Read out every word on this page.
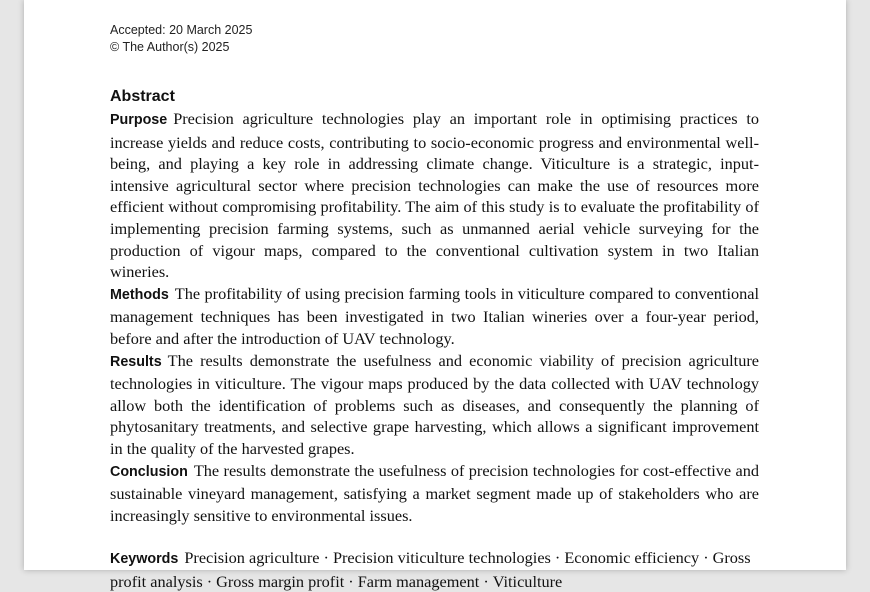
Accepted: 20 March 2025
© The Author(s) 2025
Abstract

Purpose Precision agriculture technologies play an important role in optimising practices to increase yields and reduce costs, contributing to socio-economic progress and environmental well-being, and playing a key role in addressing climate change. Viticulture is a strategic, input-intensive agricultural sector where precision technologies can make the use of resources more efficient without compromising profitability. The aim of this study is to evaluate the profitability of implementing precision farming systems, such as unmanned aerial vehicle surveying for the production of vigour maps, compared to the conventional cultivation system in two Italian wineries.

Methods The profitability of using precision farming tools in viticulture compared to conventional management techniques has been investigated in two Italian wineries over a four-year period, before and after the introduction of UAV technology.

Results The results demonstrate the usefulness and economic viability of precision agriculture technologies in viticulture. The vigour maps produced by the data collected with UAV technology allow both the identification of problems such as diseases, and consequently the planning of phytosanitary treatments, and selective grape harvesting, which allows a significant improvement in the quality of the harvested grapes.

Conclusion The results demonstrate the usefulness of precision technologies for cost-effective and sustainable vineyard management, satisfying a market segment made up of stakeholders who are increasingly sensitive to environmental issues.

Keywords Precision agriculture · Precision viticulture technologies · Economic efficiency · Gross profit analysis · Gross margin profit · Farm management · Viticulture
